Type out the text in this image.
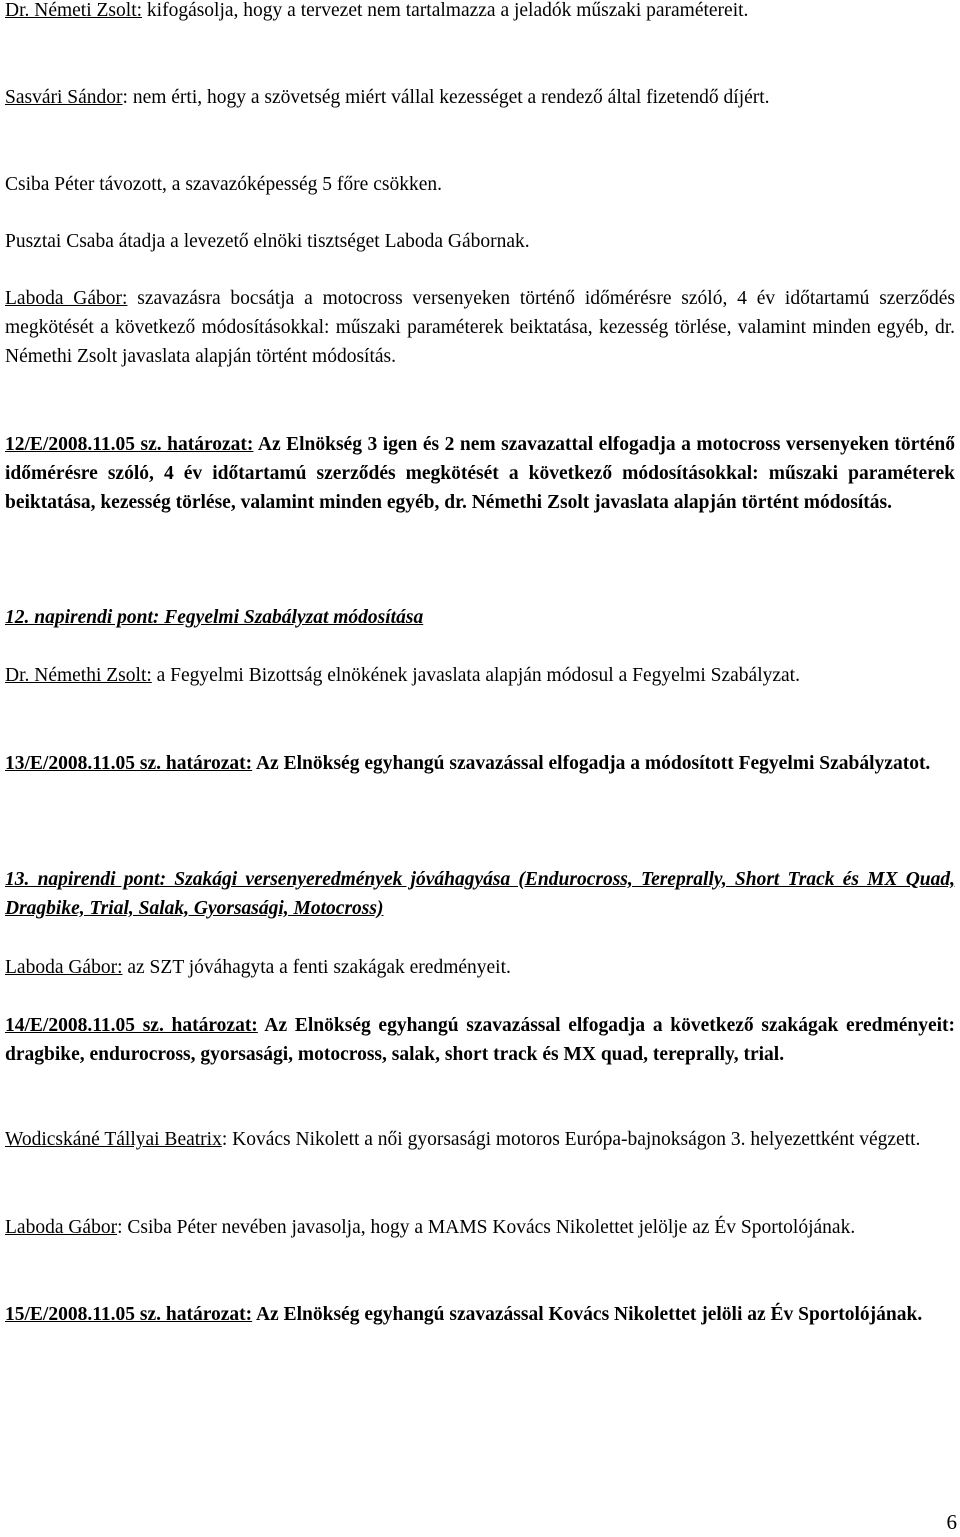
Dr. Németi Zsolt: kifogásolja, hogy a tervezet nem tartalmazza a jeladók műszaki paramétereit.

Sasvári Sándor: nem érti, hogy a szövetség miért vállal kezességet a rendező által fizetendő díjért.

Csiba Péter távozott, a szavazóképesség 5 főre csökken.

Pusztai Csaba átadja a levezető elnöki tisztséget Laboda Gábornak.

Laboda Gábor: szavazásra bocsátja a motocross versenyeken történő időmérésre szóló, 4 év időtartamú szerződés megkötését a következő módosításokkal: műszaki paraméterek beiktatása, kezesség törlése, valamint minden egyéb, dr. Némethi Zsolt javaslata alapján történt módosítás.

12/E/2008.11.05 sz. határozat: Az Elnökség 3 igen és 2 nem szavazattal elfogadja a motocross versenyeken történő időmérésre szóló, 4 év időtartamú szerződés megkötését a következő módosításokkal: műszaki paraméterek beiktatása, kezesség törlése, valamint minden egyéb, dr. Némethi Zsolt javaslata alapján történt módosítás.

12. napirendi pont: Fegyelmi Szabályzat módosítása

Dr. Némethi Zsolt: a Fegyelmi Bizottság elnökének javaslata alapján módosul a Fegyelmi Szabályzat.

13/E/2008.11.05 sz. határozat: Az Elnökség egyhangú szavazással elfogadja a módosított Fegyelmi Szabályzatot.

13. napirendi pont: Szakági versenyeredmények jóváhagyása (Endurocross, Tereprally, Short Track és MX Quad, Dragbike, Trial, Salak, Gyorsasági, Motocross)

Laboda Gábor: az SZT jóváhagyta a fenti szakágak eredményeit.

14/E/2008.11.05 sz. határozat: Az Elnökség egyhangú szavazással elfogadja a következő szakágak eredményeit: dragbike, endurocross, gyorsasági, motocross, salak, short track és MX quad, tereprally, trial.

Wodicskáné Tállyai Beatrix: Kovács Nikolett a női gyorsasági motoros Európa-bajnokságon 3. helyezettként végzett.

Laboda Gábor: Csiba Péter nevében javasolja, hogy a MAMS Kovács Nikolettet jelölje az Év Sportolójának.

15/E/2008.11.05 sz. határozat: Az Elnökség egyhangú szavazással Kovács Nikolettet jelöli az Év Sportolójának.

6
